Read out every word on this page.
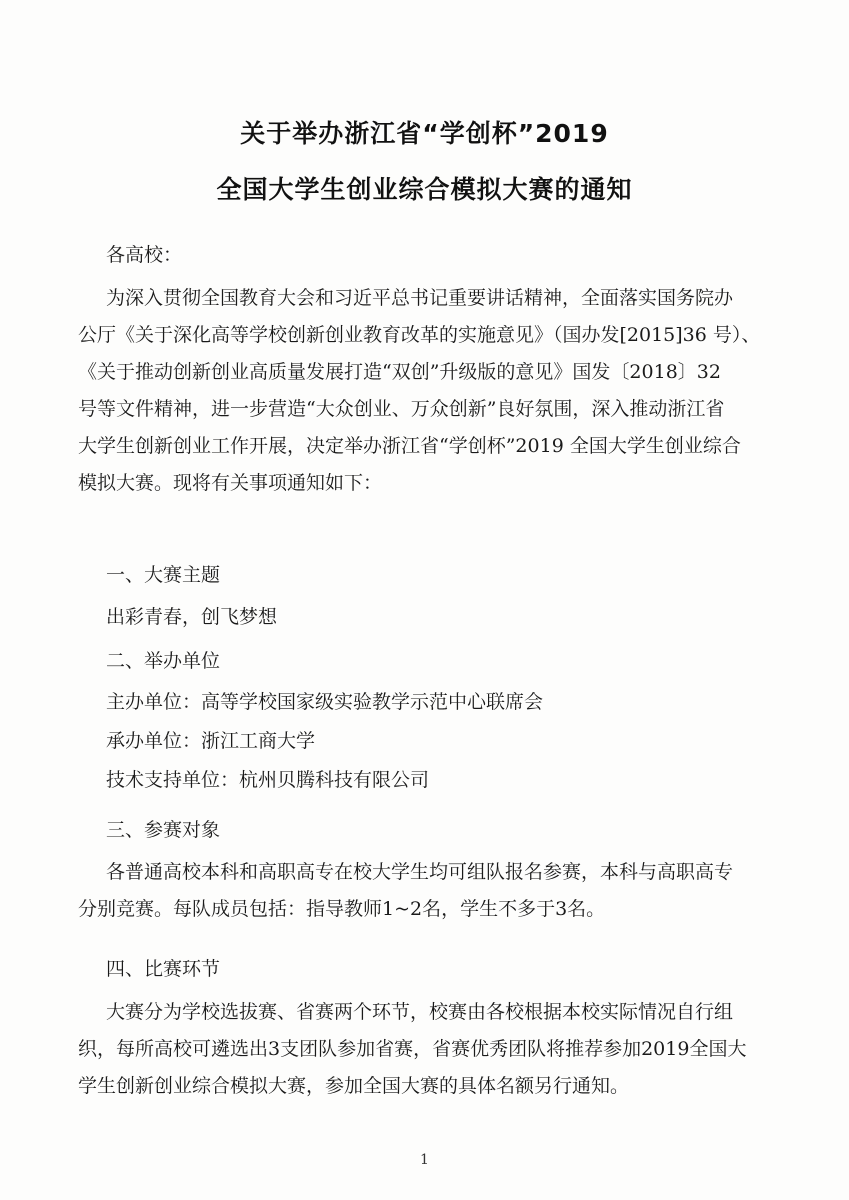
关于举办浙江省“学创杯”2019
全国大学生创业综合模拟大赛的通知
各高校：
为深入贯彻全国教育大会和习近平总书记重要讲话精神，全面落实国务院办
公厅《关于深化高等学校创新创业教育改革的实施意见》（国办发[2015]36 号）、
《关于推动创新创业高质量发展打造“双创”升级版的意见》国发〔2018〕32
号等文件精神，进一步营造“大众创业、万众创新”良好氛围，深入推动浙江省
大学生创新创业工作开展，决定举办浙江省“学创杯”2019 全国大学生创业综合
模拟大赛。现将有关事项通知如下：
一、大赛主题
出彩青春，创飞梦想
二、举办单位
主办单位：高等学校国家级实验教学示范中心联席会
承办单位：浙江工商大学
技术支持单位：杭州贝腾科技有限公司
三、参赛对象
各普通高校本科和高职高专在校大学生均可组队报名参赛，本科与高职高专
分别竞赛。每队成员包括：指导教师1~2名，学生不多于3名。
四、比赛环节
大赛分为学校选拔赛、省赛两个环节，校赛由各校根据本校实际情况自行组
织，每所高校可遴选出3支团队参加省赛，省赛优秀团队将推荐参加2019全国大
学生创新创业综合模拟大赛，参加全国大赛的具体名额另行通知。
1
